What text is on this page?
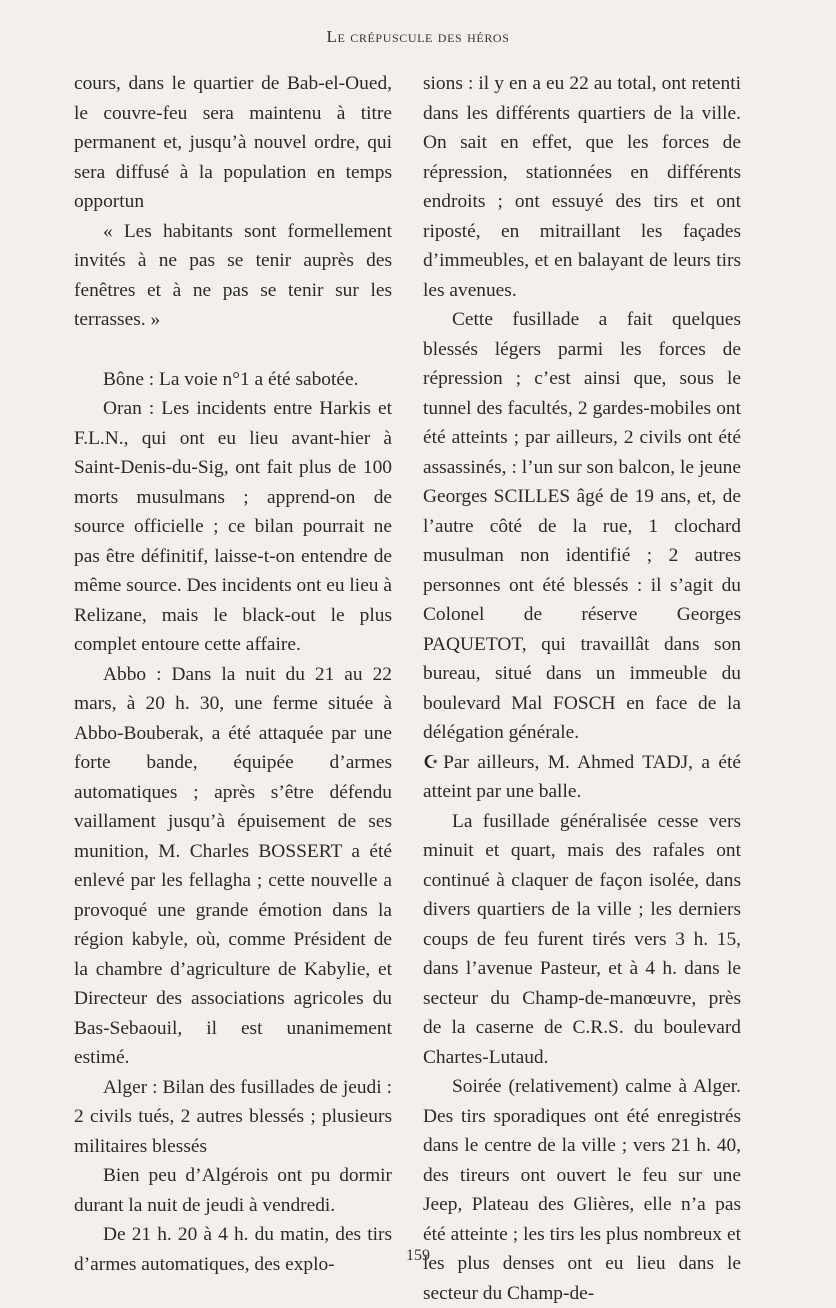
Le crépuscule des héros

cours, dans le quartier de Bab-el-Oued, le couvre-feu sera maintenu à titre permanent et, jusqu’à nouvel ordre, qui sera diffusé à la population en temps opportun

« Les habitants sont formellement invités à ne pas se tenir auprès des fenêtres et à ne pas se tenir sur les terrasses. »

Bône : La voie n°1 a été sabotée.

Oran : Les incidents entre Harkis et F.L.N., qui ont eu lieu avant-hier à Saint-Denis-du-Sig, ont fait plus de 100 morts musulmans ; apprend-on de source officielle ; ce bilan pourrait ne pas être définitif, laisse-t-on entendre de même source. Des incidents ont eu lieu à Relizane, mais le black-out le plus complet entoure cette affaire.

Abbo : Dans la nuit du 21 au 22 mars, à 20 h. 30, une ferme située à Abbo-Bouberak, a été attaquée par une forte bande, équipée d’armes automatiques ; après s’être défendu vaillament jusqu’à épuisement de ses munition, M. Charles BOSSERT a été enlevé par les fellagha ; cette nouvelle a provoqué une grande émotion dans la région kabyle, où, comme Président de la chambre d’agriculture de Kabylie, et Directeur des associations agricoles du Bas-Sebaouil, il est unanimement estimé.

Alger : Bilan des fusillades de jeudi : 2 civils tués, 2 autres blessés ; plusieurs militaires blessés

Bien peu d’Algérois ont pu dormir durant la nuit de jeudi à vendredi.

De 21 h. 20 à 4 h. du matin, des tirs d’armes automatiques, des explo-

sions : il y en a eu 22 au total, ont retenti dans les différents quartiers de la ville. On sait en effet, que les forces de répression, stationnées en différents endroits ; ont essuyé des tirs et ont riposté, en mitraillant les façades d’immeubles, et en balayant de leurs tirs les avenues.

Cette fusillade a fait quelques blessés légers parmi les forces de répression ; c’est ainsi que, sous le tunnel des facultés, 2 gardes-mobiles ont été atteints ; par ailleurs, 2 civils ont été assassinés, : l’un sur son balcon, le jeune Georges SCILLES âgé de 19 ans, et, de l’autre côté de la rue, 1 clochard musulman non identifié ; 2 autres personnes ont été blessés : il s’agit du Colonel de réserve Georges PAQUETOT, qui travaillât dans son bureau, situé dans un immeuble du boulevard Mal FOSCH en face de la délégation générale.

☪ Par ailleurs, M. Ahmed TADJ, a été atteint par une balle.

La fusillade généralisée cesse vers minuit et quart, mais des rafales ont continué à claquer de façon isolée, dans divers quartiers de la ville ; les derniers coups de feu furent tirés vers 3 h. 15, dans l’avenue Pasteur, et à 4 h. dans le secteur du Champ-de-manœuvre, près de la caserne de C.R.S. du boulevard Chartes-Lutaud.

Soirée (relativement) calme à Alger. Des tirs sporadiques ont été enregistrés dans le centre de la ville ; vers 21 h. 40, des tireurs ont ouvert le feu sur une Jeep, Plateau des Glières, elle n’a pas été atteinte ; les tirs les plus nombreux et les plus denses ont eu lieu dans le secteur du Champ-de-

159
